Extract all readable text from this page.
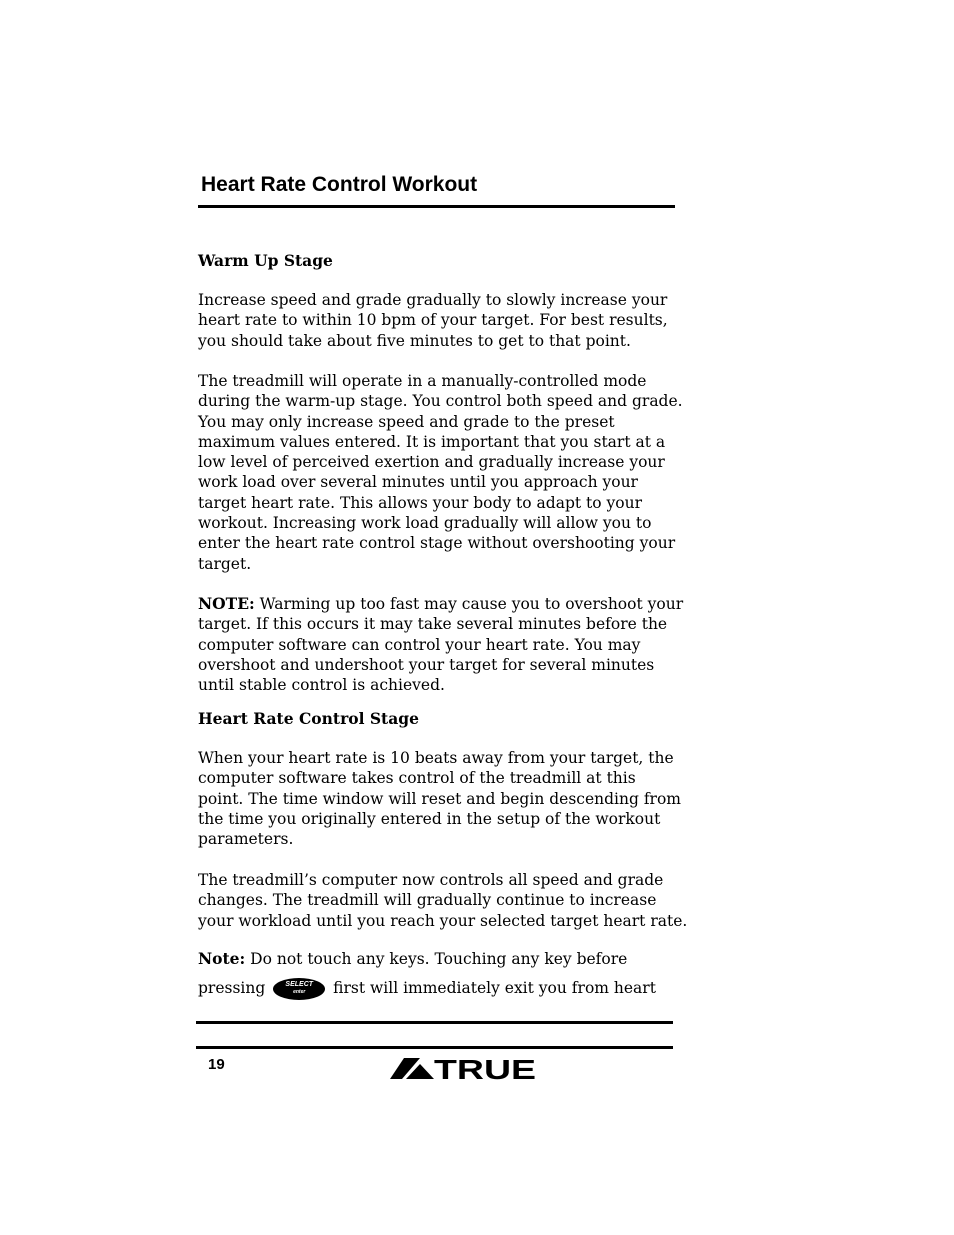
Heart Rate Control Workout
Warm Up Stage
Increase speed and grade gradually to slowly increase your
heart rate to within 10 bpm of your target. For best results,
you should take about five minutes to get to that point.
The treadmill will operate in a manually-controlled mode
during the warm-up stage. You control both speed and grade.
You may only increase speed and grade to the preset
maximum values entered. It is important that you start at a
low level of perceived exertion and gradually increase your
work load over several minutes until you approach your
target heart rate. This allows your body to adapt to your
workout. Increasing work load gradually will allow you to
enter the heart rate control stage without overshooting your
target.
NOTE: Warming up too fast may cause you to overshoot your
target. If this occurs it may take several minutes before the
computer software can control your heart rate. You may
overshoot and undershoot your target for several minutes
until stable control is achieved.
Heart Rate Control Stage
When your heart rate is 10 beats away from your target, the
computer software takes control of the treadmill at this
point. The time window will reset and begin descending from
the time you originally entered in the setup of the workout
parameters.
The treadmill’s computer now controls all speed and grade
changes. The treadmill will gradually continue to increase
your workload until you reach your selected target heart rate.
Note: Do not touch any keys. Touching any key before
pressing	SELECT
enter	first will immediately exit you from heart
19	TRUE
